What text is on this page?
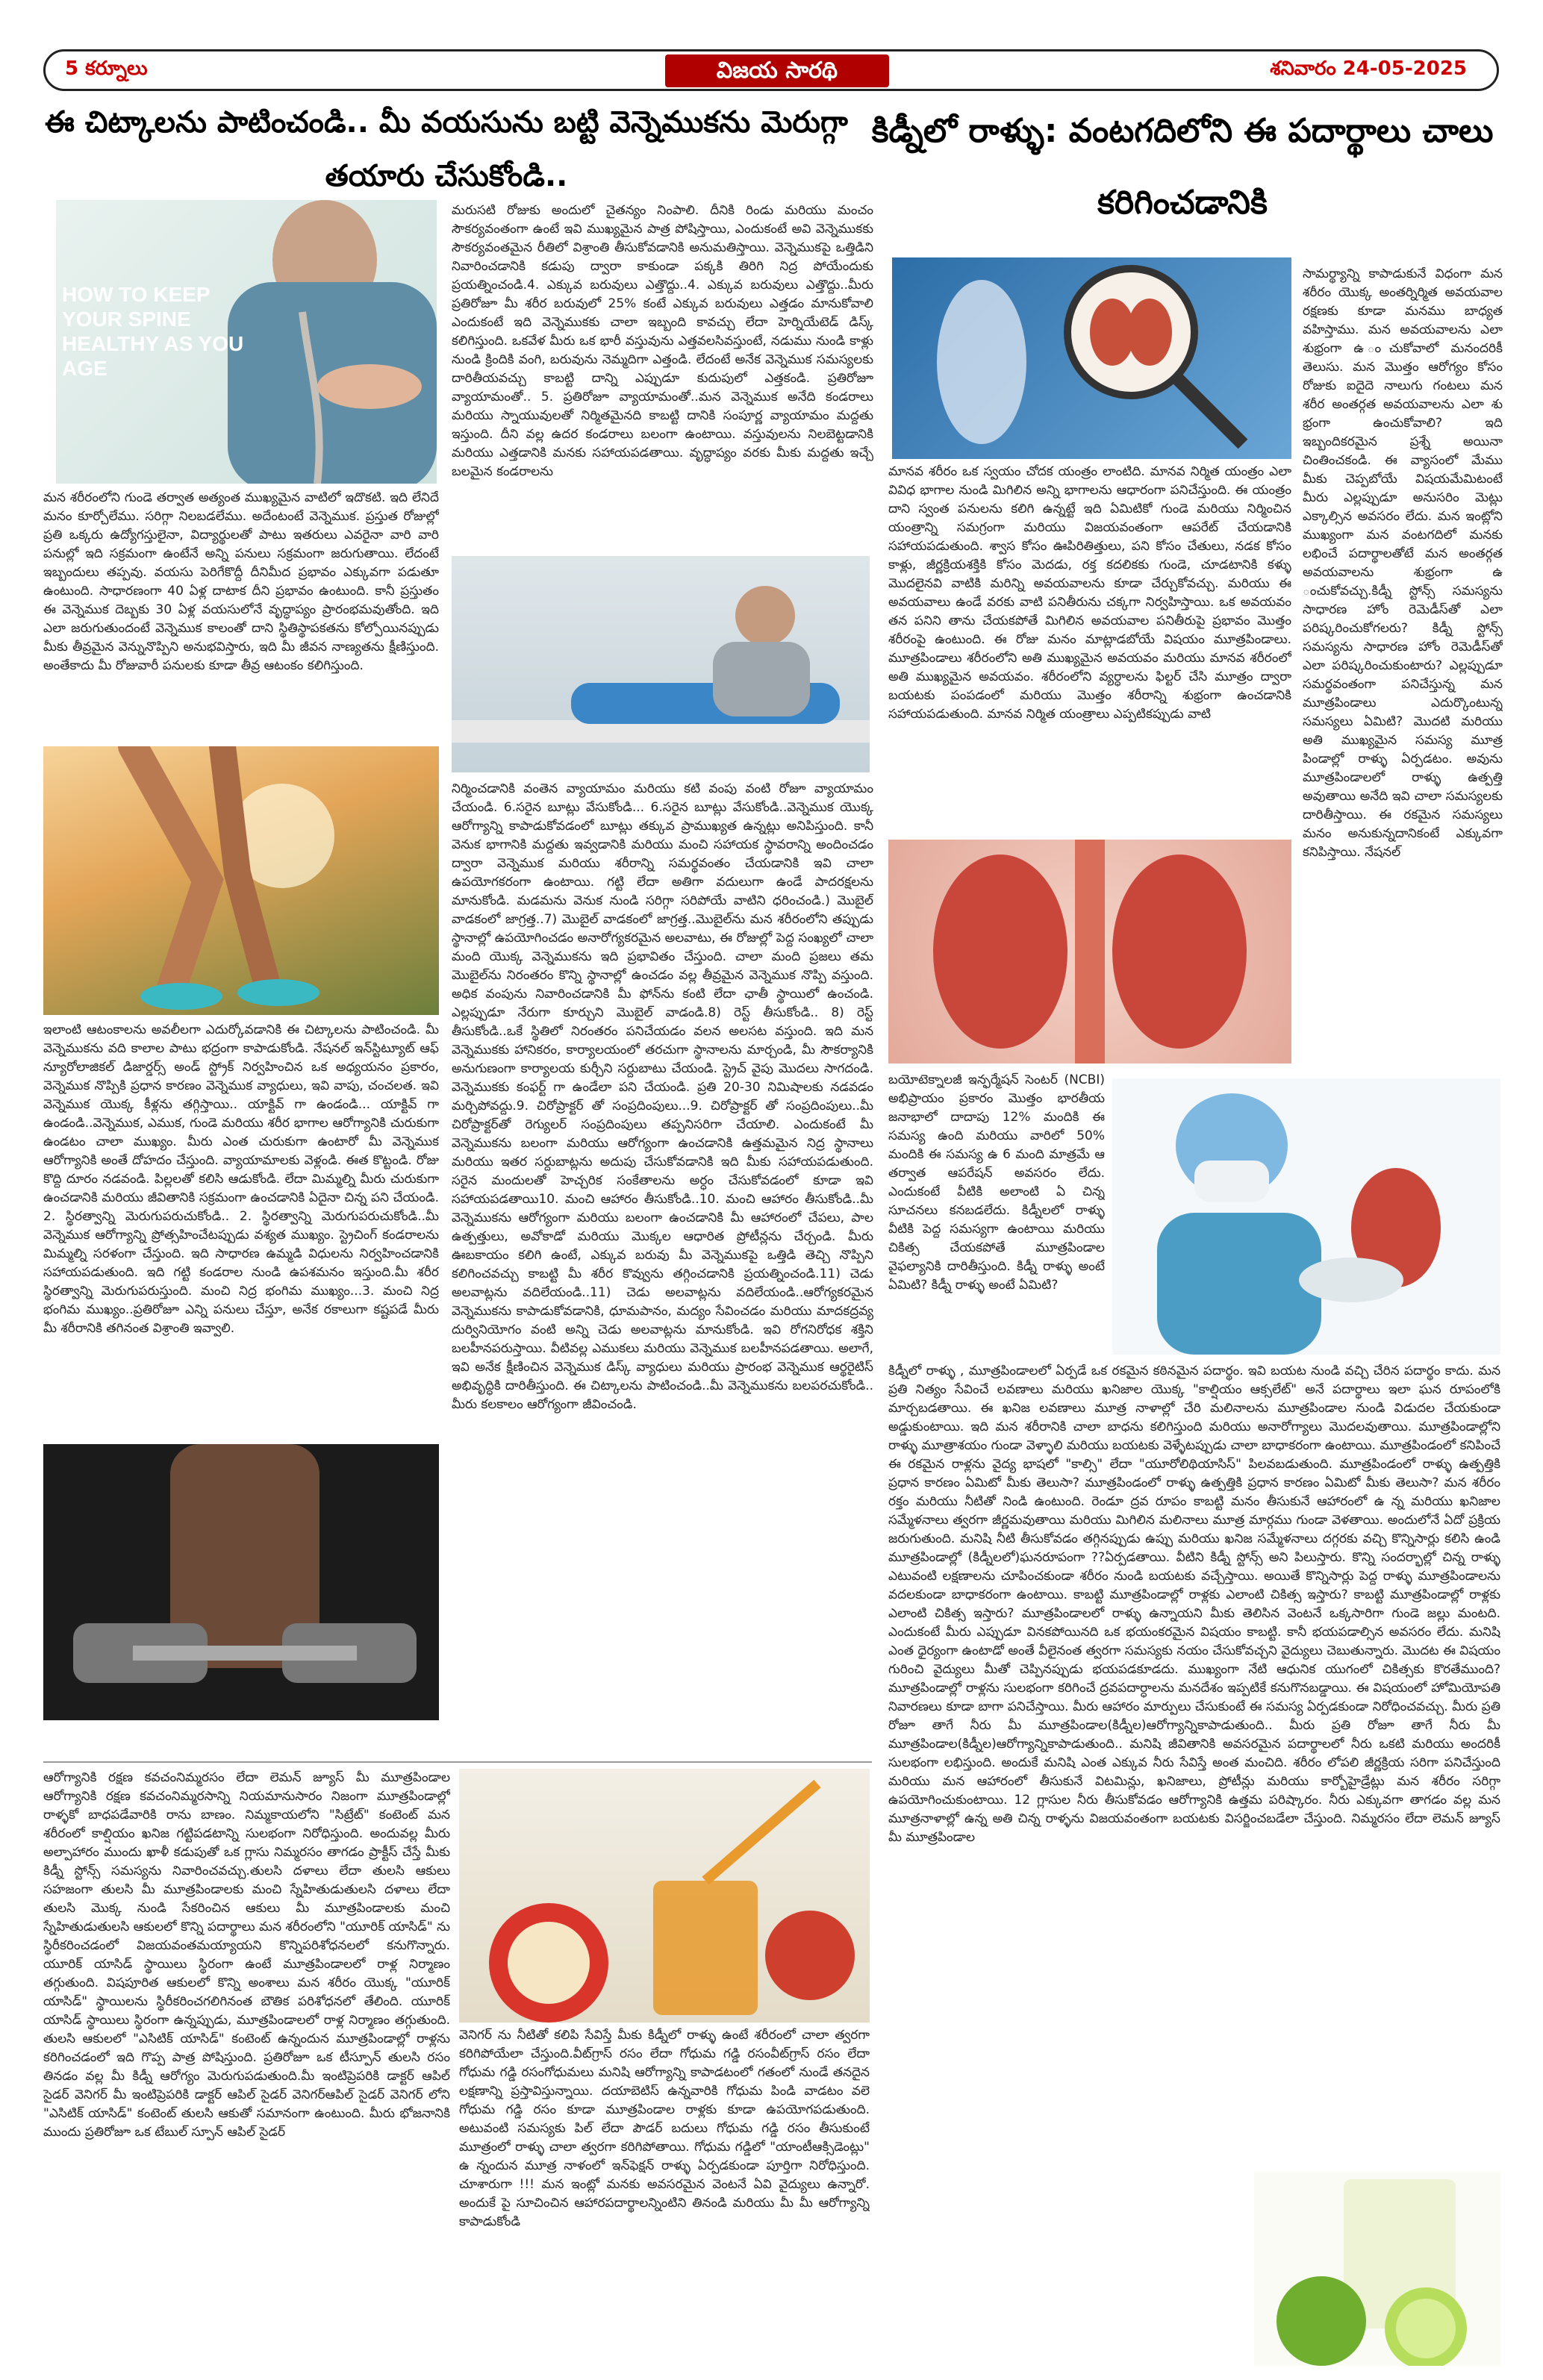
5 కర్నూలు	విజయ సారథి	శనివారం 24-05-2025
ఈ చిట్కాలను పాటించండి.. మీ వయసును బట్టి వెన్నెముకను మెరుగ్గా తయారు చేసుకోండి..
కిడ్నీలో రాళ్ళు: వంటగదిలోని ఈ పదార్థాలు చాలు కరిగించడానికి
HOW TO KEEP YOUR SPINE HEALTHY AS YOU AGE
మన శరీరంలోని గుండె తర్వాత అత్యంత ముఖ్యమైన వాటిలో ఇదొకటి. ఇది లేనిదే మనం కూర్చోలేము. సరిగ్గా నిలబడలేము. అదేంటంటే వెన్నెముక. ప్రస్తుత రోజుల్లో ప్రతి ఒక్కరు ఉద్యోగస్తులైనా, విద్యార్థులతో పాటు ఇతరులు ఎవరైనా వారి వారి పనుల్లో ఇది సక్రమంగా ఉంటేనే అన్ని పనులు సక్రమంగా జరుగుతాయి. లేదంటే ఇబ్బందులు తప్పవు. వయసు పెరిగేకొద్దీ దీనిమీద ప్రభావం ఎక్కువగా పడుతూ ఉంటుంది. సాధారణంగా 40 ఏళ్ల దాటాక దీని ప్రభావం ఉంటుంది. కానీ ప్రస్తుతం ఈ వెన్నెముక దెబ్బకు 30 ఏళ్ల వయసులోనే వృద్ధాప్యం ప్రారంభమవుతోంది. ఇది ఎలా జరుగుతుందంటే వెన్నెముక కాలంతో దాని స్థితిస్థాపకతను కోల్పోయినప్పుడు మీకు తీవ్రమైన వెన్నునొప్పిని అనుభవిస్తారు, ఇది మీ జీవన నాణ్యతను క్షీణిస్తుంది. అంతేకాదు మీ రోజువారీ పనులకు కూడా తీవ్ర ఆటంకం కలిగిస్తుంది.
ఇలాంటి ఆటంకాలను అవలీలగా ఎదుర్కోవడానికి ఈ చిట్కాలను పాటించండి. మీ వెన్నెముకను వది కాలాల పాటు భద్రంగా కాపాడుకోండి. నేషనల్ ఇన్‌స్టిట్యూట్ ఆఫ్ న్యూరోలాజికల్ డిజార్డర్స్ అండ్ స్ట్రోక్ నిర్వహించిన ఒక అధ్యయనం ప్రకారం, వెన్నెముక నొప్పికి ప్రధాన కారణం వెన్నెముక వ్యాధులు, ఇవి వాపు, చంచలత. ఇవి వెన్నెముక యొక్క కీళ్లను తగ్గిస్తాయి.. యాక్టివ్ గా ఉండండి... యాక్టివ్ గా ఉండండి..వెన్నెముక, ఎముక, గుండె మరియు శరీర భాగాల ఆరోగ్యానికి చురుకుగా ఉండటం చాలా ముఖ్యం. మీరు ఎంత చురుకుగా ఉంటారో మీ వెన్నెముక ఆరోగ్యానికి అంతే దోహదం చేస్తుంది. వ్యాయామాలకు వెళ్లండి. ఈత కొట్టండి. రోజు కొద్ది దూరం నడవండి. పిల్లలతో కలిసి ఆడుకోండి. లేదా మిమ్మల్ని మీరు చురుకుగా ఉంచడానికి మరియు జీవితానికి సక్రమంగా ఉంచడానికి ఏదైనా చిన్న పని చేయండి. 2. స్థిరత్వాన్ని మెరుగుపరుచుకోండి.. 2. స్థిరత్వాన్ని మెరుగుపరుచుకోండి..మీ వెన్నెముక ఆరోగ్యాన్ని ప్రోత్సహించేటప్పుడు వశ్యత ముఖ్యం. స్ట్రెచింగ్ కండరాలను మిమ్మల్ని సరళంగా చేస్తుంది. ఇది సాధారణ ఉమ్మడి విధులను నిర్వహించడానికి సహాయపడుతుంది. ఇది గట్టి కండరాల నుండి ఉపశమనం ఇస్తుంది.మీ శరీర స్థిరత్వాన్ని మెరుగుపరుస్తుంది. మంచి నిద్ర భంగిమ ముఖ్యం...3. మంచి నిద్ర భంగిమ ముఖ్యం..ప్రతిరోజూ ఎన్ని పనులు చేస్తూ, అనేక రకాలుగా కష్టపడే మీరు మీ శరీరానికి తగినంత విశ్రాంతి ఇవ్వాలి.
మరుసటి రోజుకు అందులో చైతన్యం నింపాలి. దీనికి రిండు మరియు మంచం సౌకర్యవంతంగా ఉంటే ఇవి ముఖ్యమైన పాత్ర పోషిస్తాయి, ఎందుకంటే అవి వెన్నెముకకు సౌకర్యవంతమైన రీతిలో విశ్రాంతి తీసుకోవడానికి అనుమతిస్తాయి. వెన్నెముకపై ఒత్తిడిని నివారించడానికి కడుపు ద్వారా కాకుండా పక్కకి తిరిగి నిద్ర పోయేందుకు ప్రయత్నించండి.4. ఎక్కువ బరువులు ఎత్తొద్దు..4. ఎక్కువ బరువులు ఎత్తొద్దు..మీరు ప్రతిరోజూ మీ శరీర బరువులో 25% కంటే ఎక్కువ బరువులు ఎత్తడం మానుకోవాలి ఎందుకంటే ఇది వెన్నెముకకు చాలా ఇబ్బంది కావచ్చు లేదా హెర్నియేటెడ్ డిస్క్ కలిగిస్తుంది. ఒకవేళ మీరు ఒక భారీ వస్తువును ఎత్తవలసివస్తుంటే, నడుము నుండి కాళ్లు నుండి క్రిందికి వంగి, బరువును నెమ్మదిగా ఎత్తండి. లేదంటే అనేక వెన్నెముక సమస్యలకు దారితీయవచ్చు కాబట్టి దాన్ని ఎప్పుడూ కుదుపులో ఎత్తకండి. ప్రతిరోజూ వ్యాయామంతో.. 5. ప్రతిరోజూ వ్యాయామంతో..మన వెన్నెముక అనేది కండరాలు మరియు స్నాయువులతో నిర్మితమైనది కాబట్టి దానికి సంపూర్ణ వ్యాయామం మద్దతు ఇస్తుంది. దీని వల్ల ఉదర కండరాలు బలంగా ఉంటాయి. వస్తువులను నిలబెట్టడానికి మరియు ఎత్తడానికి మనకు సహాయపడతాయి. వృద్ధాప్యం వరకు మీకు మద్దతు ఇచ్చే బలమైన కండరాలను
నిర్మించడానికి వంతెన వ్యాయామం మరియు కటి వంపు వంటి రోజూ వ్యాయామం చేయండి. 6.సరైన బూట్లు వేసుకోండి... 6.సరైన బూట్లు వేసుకోండి..వెన్నెముక యొక్క ఆరోగ్యాన్ని కాపాడుకోవడంలో బూట్లు తక్కువ ప్రాముఖ్యత ఉన్నట్లు అనిపిస్తుంది. కానీ వెనుక భాగానికి మద్దతు ఇవ్వడానికి మరియు మంచి సహాయక స్థావరాన్ని అందించడం ద్వారా వెన్నెముక మరియు శరీరాన్ని సమర్థవంతం చేయడానికి ఇవి చాలా ఉపయోగకరంగా ఉంటాయి. గట్టి లేదా అతిగా వదులుగా ఉండే పాదరక్షలను మానుకోండి. మడమను వెనుక నుండి సరిగ్గా సరిపోయే వాటిని ధరించండి.) మొబైల్ వాడకంలో జాగ్రత్త..7) మొబైల్ వాడకంలో జాగ్రత్త..మొబైల్‌ను మన శరీరంలోని తప్పుడు స్థానాల్లో ఉపయోగించడం అనారోగ్యకరమైన అలవాటు, ఈ రోజుల్లో పెద్ద సంఖ్యలో చాలా మంది యొక్క వెన్నెముకను ఇది ప్రభావితం చేస్తుంది. చాలా మంది ప్రజలు తమ మొబైల్‌ను నిరంతరం కొన్ని స్థానాల్లో ఉంచడం వల్ల తీవ్రమైన వెన్నెముక నొప్పి వస్తుంది. అధిక వంపును నివారించడానికి మీ ఫోన్‌ను కంటి లేదా ఛాతీ స్థాయిలో ఉంచండి. ఎల్లప్పుడూ నేరుగా కూర్చుని మొబైల్ వాడండి.8) రెస్ట్ తీసుకోండి.. 8) రెస్ట్ తీసుకోండి..ఒకే స్థితిలో నిరంతరం పనిచేయడం వలన అలసట వస్తుంది. ఇది మన వెన్నెముకకు హానికరం, కార్యాలయంలో తరచుగా స్థానాలను మార్చండి, మీ సౌకర్యానికి అనుగుణంగా కార్యాలయ కుర్చీని సర్దుబాటు చేయండి. స్ట్రెచ్ వైపు మొదలు సాగదండి. వెన్నెముకకు కంఫర్ట్ గా ఉండేలా పని చేయండి. ప్రతి 20-30 నిమిషాలకు నడవడం మర్చిపోవద్దు.9. చిరోప్రాక్టర్ తో సంప్రదింపులు...9. చిరోప్రాక్టర్ తో సంప్రదింపులు..మీ చిరోప్రాక్టర్‌తో రెగ్యులర్ సంప్రదింపులు తప్పనిసరిగా చేయాలి. ఎందుకంటే మీ వెన్నెముకను బలంగా మరియు ఆరోగ్యంగా ఉంచడానికి ఉత్తమమైన నిద్ర స్థానాలు మరియు ఇతర సర్దుబాట్లను అదుపు చేసుకోవడానికి ఇది మీకు సహాయపడుతుంది. సరైన మందులతో హెచ్చరిక సంకేతాలను అర్ధం చేసుకోవడంలో కూడా ఇవి సహాయపడతాయి10. మంచి ఆహారం తీసుకోండి..10. మంచి ఆహారం తీసుకోండి..మీ వెన్నెముకను ఆరోగ్యంగా మరియు బలంగా ఉంచడానికి మీ ఆహారంలో చేపలు, పాల ఉత్పత్తులు, అవోకాడో మరియు మొక్కల ఆధారిత ప్రోటీన్లను చేర్చండి. మీరు ఊబకాయం కలిగి ఉంటే, ఎక్కువ బరువు మీ వెన్నెముకపై ఒత్తిడి తెచ్చి నొప్పిని కలిగించవచ్చు కాబట్టి మీ శరీర కొవ్వును తగ్గించడానికి ప్రయత్నించండి.11) చెడు అలవాట్లను వదిలేయండి..11) చెడు అలవాట్లను వదిలేయండి..ఆరోగ్యకరమైన వెన్నెముకను కాపాడుకోవడానికి, ధూమపానం, మద్యం సేవించడం మరియు మాదకద్రవ్య దుర్వినియోగం వంటి అన్ని చెడు అలవాట్లను మానుకోండి. ఇవి రోగనిరోధక శక్తిని బలహీనపరుస్తాయి. వీటివల్ల ఎముకలు మరియు వెన్నెముక బలహీనపడతాయి. అలాగే, ఇవి అనేక క్షీణించిన వెన్నెముక డిస్క్ వ్యాధులు మరియు ప్రారంభ వెన్నెముక ఆర్థరైటిస్ అభివృద్ధికి దారితీస్తుంది. ఈ చిట్కాలను పాటించండి..మీ వెన్నెముకను బలపరచుకోండి.. మీరు కలకాలం ఆరోగ్యంగా జీవించండి.
ఆరోగ్యానికి రక్షణ కవచంనిమ్మరసం లేదా లెమన్ జ్యూస్ మీ మూత్రపిండాల ఆరోగ్యానికి రక్షణ కవచంనిమ్మరసాన్ని నియమానుసారం నిజంగా మూత్రపిండాల్లో రాళ్ళకో బాధపడేవారికి రాను బాణం. నిమ్మకాయలోని "సిట్రేట్" కంటెంట్ మన శరీరంలో కాల్షియం ఖనిజ గట్టిపడటాన్ని సులభంగా నిరోధిస్తుంది. అందువల్ల మీరు అల్పాహారం ముందు ఖాళీ కడుపుతో ఒక గ్లాసు నిమ్మరసం తాగడం ప్రాక్టీస్ చేస్తే మీకు కిడ్నీ స్టోన్స్ సమస్యను నివారించవచ్చు.తులసి దళాలు లేదా తులసి ఆకులు సహజంగా తులసి మీ మూత్రపిండాలకు మంచి స్నేహితుడుతులసి దళాలు లేదా తులసి మొక్క నుండి సేకరించిన ఆకులు మీ మూత్రపిండాలకు మంచి స్నేహితుడుతులసి ఆకులలో కొన్ని పదార్థాలు మన శరీరంలోని "యూరిక్ యాసిడ్" ను స్థిరీకరించడంలో విజయవంతమయ్యాయని కొన్నిపరిశోధనలలో కనుగొన్నారు. యూరిక్ యాసిడ్ స్థాయిలు స్థిరంగా ఉంటే మూత్రపిండాలలో రాళ్ల నిర్మాణం తగ్గుతుంది. విషపూరిత ఆకులలో కొన్ని అంశాలు మన శరీరం యొక్క "యూరిక్ యాసిడ్" స్థాయిలను స్థిరీకరించగలిగినంత బౌతిక పరిశోధనలో తేలింది. యూరిక్ యాసిడ్ స్థాయిలు స్థిరంగా ఉన్నప్పుడు, మూత్రపిండాలలో రాళ్ల నిర్మాణం తగ్గుతుంది. తులసి ఆకులలో "ఎసిటిక్ యాసిడ్" కంటెంట్ ఉన్నందున మూత్రపిండాల్లో రాళ్లను కరిగించడంలో ఇది గొప్ప పాత్ర పోషిస్తుంది. ప్రతిరోజూ ఒక టీస్పూన్ తులసి రసం తినడం వల్ల మీ కిడ్నీ ఆరోగ్యం మెరుగుపడుతుంది.మీ ఇంటిప్రెపరికి డాక్టర్ ఆపిల్ సైడర్ వెనిగర్ మీ ఇంటిప్రెపరికి డాక్టర్ ఆపిల్ సైడర్ వెనిగర్ఆపిల్ సైడర్ వెనిగర్ లోని "ఎసిటిక్ యాసిడ్" కంటెంట్ తులసి ఆకుతో సమానంగా ఉంటుంది. మీరు భోజనానికి ముందు ప్రతిరోజూ ఒక టేబుల్ స్పూన్ ఆపిల్ సైడర్
వెనిగర్ ను నీటితో కలిపి సేవిస్తే మీకు కిడ్నీలో రాళ్ళు ఉంటే శరీరంలో చాలా త్వరగా కరిగిపోయేలా చేస్తుంది.వీట్‌గ్రాస్ రసం లేదా గోధుమ గడ్డి రసంవీట్‌గ్రాస్ రసం లేదా గోధుమ గడ్డి రసంగోధుమలు మనిషి ఆరోగ్యాన్ని కాపాడటంలో గతంలో నుండే తనదైన లక్షణాన్ని ప్రస్తావిస్తున్నాయి. దయాబెటిస్ ఉన్నవారికి గోధుమ పిండి వాడటం వలె గోధుమ గడ్డి రసం కూడా మూత్రపిండాల రాళ్లకు కూడా ఉపయోగపడుతుంది. అటువంటి సమస్యకు పిల్ లేదా పౌడర్ బదులు గోధుమ గడ్డి రసం తీసుకుంటే మూత్రంలో రాళ్ళు చాలా త్వరగా కరిగిపోతాయి. గోధుమ గడ్డిలో "యాంటీఆక్సిడెంట్లు" ఉ న్నందున మూత్ర నాళంలో ఇన్‌ఫెక్షన్ రాళ్ళు ఏర్పడకుండా పూర్తిగా నిరోధిస్తుంది. చూశారుగా !!! మన ఇంట్లో మనకు అవసరమైన వెంటనే ఏవి వైద్యులు ఉన్నారో. అందుకే పై సూచించిన ఆహారపదార్థాలన్నింటిని తినండి మరియు మీ మీ ఆరోగ్యాన్ని కాపాడుకోండి
మానవ శరీరం ఒక స్వయం చోదక యంత్రం లాంటిది. మానవ నిర్మిత యంత్రం ఎలా వివిధ భాగాల నుండి మిగిలిన అన్ని భాగాలను ఆధారంగా పనిచేస్తుంది. ఈ యంత్రం దాని స్వంత పనులను కలిగి ఉన్నట్టే ఇది ఏమిటికో గుండె మరియు నిర్మించిన యంత్రాన్ని సమగ్రంగా మరియు విజయవంతంగా ఆపరేట్ చేయడానికి సహాయపడుతుంది. శ్వాస కోసం ఊపిరితిత్తులు, పని కోసం చేతులు, నడక కోసం కాళ్లు, జీర్ణక్రియశక్తికి కోసం మెదడు, రక్త కదలికకు గుండె, చూడటానికి కళ్ళు మొదలైనవి వాటికి మరిన్ని అవయవాలను కూడా చేర్చుకోవచ్చు. మరియు ఈ అవయవాలు ఉండే వరకు వాటి పనితీరును చక్కగా నిర్వహిస్తాయి. ఒక అవయవం తన పనిని తాను చేయకపోతే మిగిలిన అవయవాల పనితీరుపై ప్రభావం మొత్తం శరీరంపై ఉంటుంది. ఈ రోజు మనం మాట్లాడబోయే విషయం మూత్రపిండాలు. మూత్రపిండాలు శరీరంలోని అతి ముఖ్యమైన అవయవం మరియు మానవ శరీరంలో అతి ముఖ్యమైన అవయవం. శరీరంలోని వ్యర్ధాలను ఫిల్టర్ చేసి మూత్రం ద్వారా బయటకు పంపడంలో మరియు మొత్తం శరీరాన్ని శుభ్రంగా ఉంచడానికి సహాయపడుతుంది. మానవ నిర్మిత యంత్రాలు ఎప్పటికప్పుడు వాటి
సామర్థ్యాన్ని కాపాడుకునే విధంగా మన శరీరం యొక్క అంతర్నిర్మిత అవయవాల రక్షణకు కూడా మనము బాధ్యత వహిస్తాము. మన అవయవాలను ఎలా శుభ్రంగా ఉ ంచుకోవాలో మనందరికీ తెలుసు. మన మొత్తం ఆరోగ్యం కోసం రోజుకు ఐదైదె నాలుగు గంటలు మన శరీర అంతర్గత అవయవాలను ఎలా శు భ్రంగా ఉంచుకోవాలి? ఇది ఇబ్బందికరమైన ప్రశ్నే అయినా చింతించకండి. ఈ వ్యాసంలో మేము మీకు చెప్పబోయే విషయమేమిటంటే మీరు ఎల్లప్పుడూ అనుసరిం మెట్లు ఎక్కాల్సిన అవసరం లేదు. మన ఇంట్లోని ముఖ్యంగా మన వంటగదిలో మనకు లభించే పదార్థాలతోటే మన అంతర్గత అవయవాలను శుభ్రంగా ఉ ంచుకోవచ్చు.కిడ్నీ స్టోన్స్ సమస్యను సాధారణ హోం రెమెడీస్‌తో ఎలా పరిష్కరించుకోగలరు? కిడ్నీ స్టోన్స్ సమస్యను సాధారణ హోం రెమెడీస్‌తో ఎలా పరిష్కరించుకుంటారు? ఎల్లప్పుడూ సమర్థవంతంగా పనిచేస్తున్న మన మూత్రపిండాలు ఎదుర్కొంటున్న సమస్యలు ఏమిటి? మొదటి మరియు అతి ముఖ్యమైన సమస్య మూత్ర పిండాల్లో రాళ్ళు ఏర్పడటం. అవును మూత్రపిండాలలో రాళ్ళు ఉత్పత్తి అవుతాయి అనేది ఇవి చాలా సమస్యలకు దారితీస్తాయి. ఈ రకమైన సమస్యలు మనం అనుకున్నదానికంటే ఎక్కువగా కనిపిస్తాయి. నేషనల్
బయోటెక్నాలజీ ఇన్ఫర్మేషన్ సెంటర్ (NCBI) అభిప్రాయం ప్రకారం మొత్తం భారతీయ జనాభాలో దాదాపు 12% మందికి ఈ సమస్య ఉంది మరియు వారిలో 50% మందికి ఈ సమస్య ఉ 6 మంది మాత్రమే ఆ తర్వాత ఆపరేషన్ అవసరం లేదు. ఎందుకంటే వీటికి అలాంటి ఏ చిన్న సూచనలు కనబడలేదు. కిడ్నీలలో రాళ్ళు వీటికి పెద్ద సమస్యగా ఉంటాయి మరియు చికిత్స చేయకపోతే మూత్రపిండాల వైఫల్యానికి దారితీస్తుంది. కిడ్నీ రాళ్ళు అంటే ఏమిటి? కిడ్నీ రాళ్ళు అంటే ఏమిటి?
కిడ్నీలో రాళ్ళు , మూత్రపిండాలలో ఏర్పడే ఒక రకమైన కఠినమైన పదార్థం. ఇవి బయట నుండి వచ్చి చేరిన పదార్థం కాదు. మన ప్రతి నిత్యం సేవించే లవణాలు మరియు ఖనిజాల యొక్క "కాల్షియం ఆక్సలేట్" అనే పదార్థాలు ఇలా ఘన రూపంలోకి మార్చబడతాయి. ఈ ఖనిజ లవణాలు మూత్ర నాళాల్లో చేరి మలినాలను మూత్రపిండాల నుండి విడుదల చేయకుండా అడ్డుకుంటాయి. ఇది మన శరీరానికి చాలా బాధను కలిగిస్తుంది మరియు అనారోగ్యాలు మొదలవుతాయి. మూత్రపిండాల్లోని రాళ్ళు మూత్రాశయం గుండా వెళ్ళాలి మరియు బయటకు వెళ్ళేటప్పుడు చాలా బాధాకరంగా ఉంటాయి. మూత్రపిండంలో కనిపించే ఈ రకమైన రాళ్లను వైద్య భాషలో "కాల్సి" లేదా "యూరోలిథియాసిస్" పిలవబడుతుంది. మూత్రపిండంలో రాళ్ళు ఉత్పత్తికి ప్రధాన కారణం ఏమిటో మీకు తెలుసా? మూత్రపిండంలో రాళ్ళు ఉత్పత్తికి ప్రధాన కారణం ఏమిటో మీకు తెలుసా? మన శరీరం రక్తం మరియు నీటితో నిండి ఉంటుంది. రెండూ ద్రవ రూపం కాబట్టి మనం తీసుకునే ఆహారంలో ఉ న్న మరియు ఖనిజాల సమ్మేళనాలు త్వరగా జీర్ణమవుతాయి మరియు మిగిలిన మలినాలు మూత్ర మార్గము గుండా వెళతాయి. అందులోనే ఏదో ప్రక్రియ జరుగుతుంది. మనిషి నీటి తీసుకోవడం తగ్గినప్పుడు ఉప్పు మరియు ఖనిజ సమ్మేళనాలు దగ్గరకు వచ్చి కొన్నిసార్లు కలిసి ఉండి మూత్రపిండాల్లో (కిడ్నీలలో)ఘనరూపంగా ??ఏర్పడతాయి. వీటిని కిడ్నీ స్టోన్స్ అని పిలుస్తారు. కొన్ని సందర్భాల్లో చిన్న రాళ్ళు ఎటువంటి లక్షణాలను చూపించకుండా శరీరం నుండి బయటకు వచ్చేస్తాయి. అయితే కొన్నిసార్లు పెద్ద రాళ్ళు మూత్రపిండాలను వదలకుండా బాధాకరంగా ఉంటాయి. కాబట్టి మూత్రపిండాల్లో రాళ్లకు ఎలాంటి చికిత్స ఇస్తారు? కాబట్టి మూత్రపిండాల్లో రాళ్లకు ఎలాంటి చికిత్స ఇస్తారు? మూత్రపిండాలలో రాళ్ళు ఉన్నాయని మీకు తెలిసిన వెంటనే ఒక్కసారిగా గుండె జల్లు మంటది. ఎందుకంటే మీరు ఎప్పుడూ వినకపోయినది ఒక భయంకరమైన విషయం కాబట్టి. కానీ భయపడాల్సిన అవసరం లేదు. మనిషి ఎంత ధైర్యంగా ఉంటాడో అంతే వీలైనంత త్వరగా సమస్యకు నయం చేసుకోవచ్చని వైద్యులు చెబుతున్నారు. మొదట ఈ విషయం గురించి వైద్యులు మీతో చెప్పినప్పుడు భయపడకూడదు. ముఖ్యంగా నేటి ఆధునిక యుగంలో చికిత్సకు కొరతేముంది? మూత్రపిండాల్లో రాళ్లను సులభంగా కరిగించే ద్రవపదార్ధాలను మనదేశం ఇప్పటికే కనుగొనబడ్డాయి. ఈ విషయంలో హోమియోపతి నివారణలు కూడా బాగా పనిచేస్తాయి. మీరు ఆహారం మార్పులు చేసుకుంటే ఈ సమస్య ఏర్పడకుండా నిరోధించవచ్చు. మీరు ప్రతి రోజూ తాగే నీరు మీ మూత్రపిండాల(కిడ్నీల)ఆరోగ్యాన్నికాపాడుతుంది.. మీరు ప్రతి రోజూ తాగే నీరు మీ మూత్రపిండాల(కిడ్నీల)ఆరోగ్యాన్నికాపాడుతుంది.. మనిషి జీవితానికి అవసరమైన పదార్థాలలో నీరు ఒకటి మరియు అందరికీ సులభంగా లభిస్తుంది. అందుకే మనిషి ఎంత ఎక్కువ నీరు సేవిస్తే అంత మంచిది. శరీరం లోపలి జీర్ణక్రియ సరిగా పనిచేస్తుంది మరియు మన ఆహారంలో తీసుకునే విటమిన్లు, ఖనిజాలు, ప్రోటీన్లు మరియు కార్బోహైడ్రేట్లు మన శరీరం సరిగ్గా ఉపయోగించుకుంటాయి. 12 గ్లాసుల నీరు తీసుకోవడం ఆరోగ్యానికి ఉత్తమ పరిష్కారం. నీరు ఎక్కువగా తాగడం వల్ల మన మూత్రనాళాల్లో ఉన్న అతి చిన్న రాళ్ళను విజయవంతంగా బయటకు విసర్జించబడేలా చేస్తుంది. నిమ్మరసం లేదా లెమన్ జ్యూస్ మీ మూత్రపిండాల
